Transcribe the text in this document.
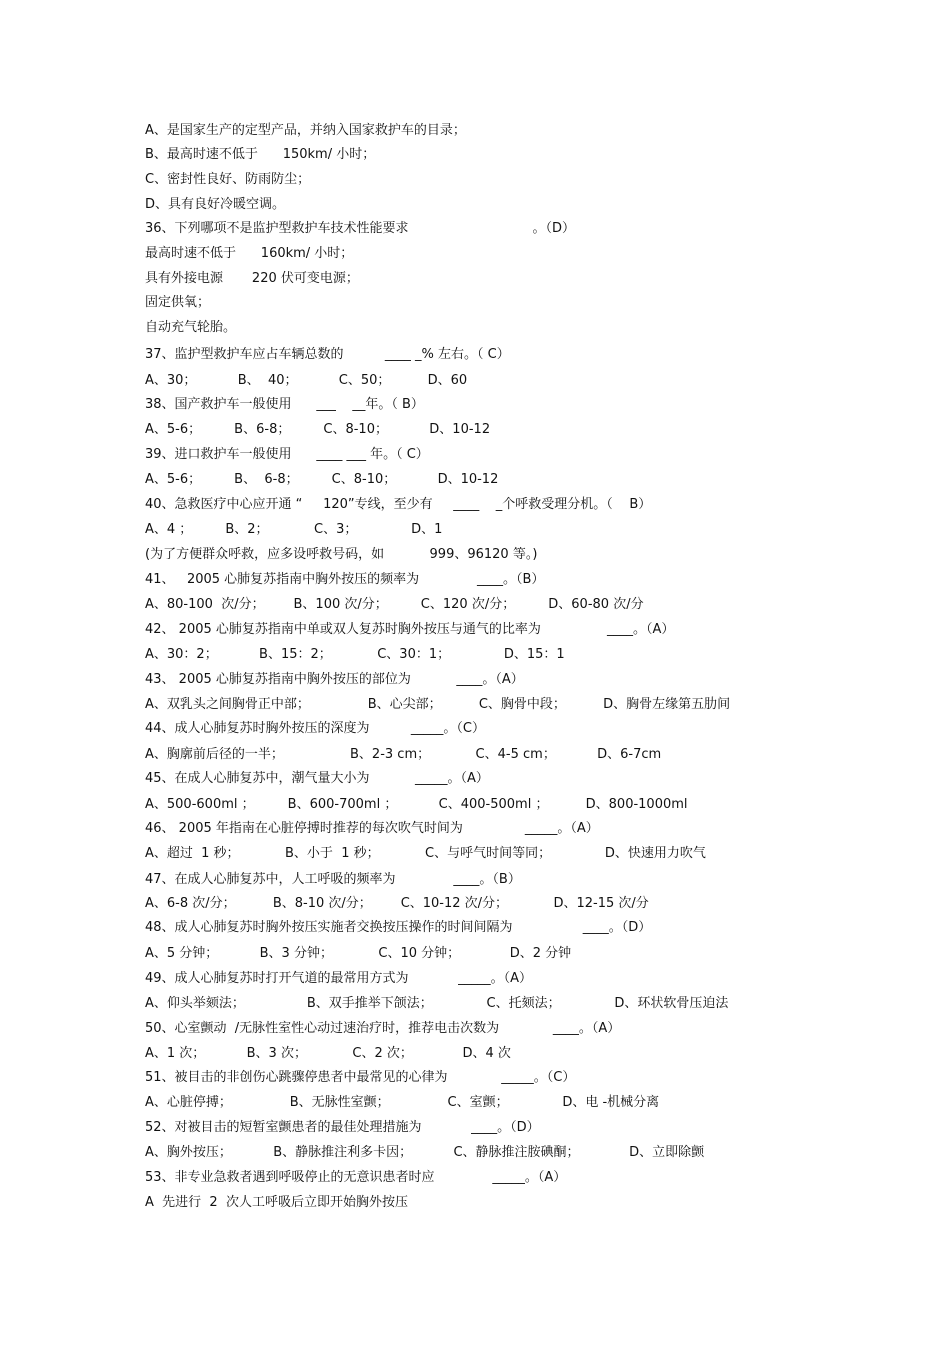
A、是国家生产的定型产品，并纳入国家救护车的目录；
B、最高时速不低于      150km/ 小时；
C、密封性良好、防雨防尘；
D、具有良好冷暖空调。
36、下列哪项不是监护型救护车技术性能要求                              。（D）
最高时速不低于      160km/ 小时；
具有外接电源       220 伏可变电源；
固定供氧；
自动充气轮胎。
37、监护型救护车应占车辆总数的          ____ _% 左右。（ C）
A、30；          B、  40；          C、50；         D、60
38、国产救护车一般使用      ___    __年。（ B）
A、5-6；        B、6-8；        C、8-10；          D、10-12
39、进口救护车一般使用      ____ ___ 年。（ C）
A、5-6；        B、  6-8；        C、8-10；          D、10-12
40、急救医疗中心应开通 “     120”专线，至少有     ____    _个呼救受理分机。（    B）
A、4 ；        B、2；           C、3；             D、1
(为了方便群众呼救，应多设呼救号码，如           999、96120 等。)
41、   2005 心肺复苏指南中胸外按压的频率为              ____。（B）
A、80-100  次/分；       B、100 次/分；        C、120 次/分；        D、60-80 次/分
42、 2005 心肺复苏指南中单或双人复苏时胸外按压与通气的比率为                ____。（A）
A、30：2；          B、15：2；           C、30：1；             D、15：1
43、 2005 心肺复苏指南中胸外按压的部位为           ____。（A）
A、双乳头之间胸骨正中部；              B、心尖部；         C、胸骨中段；         D、胸骨左缘第五肋间
44、成人心肺复苏时胸外按压的深度为          _____。（C）
A、胸廓前后径的一半；                B、2-3 cm；           C、4-5 cm；          D、6-7cm
45、在成人心肺复苏中，潮气量大小为           _____。（A）
A、500-600ml ；        B、600-700ml ；          C、400-500ml ；         D、800-1000ml
46、 2005 年指南在心脏停搏时推荐的每次吹气时间为               _____。（A）
A、超过  1 秒；           B、小于  1 秒；           C、与呼气时间等同；             D、快速用力吹气
47、在成人心肺复苏中，人工呼吸的频率为              ____。（B）
A、6-8 次/分；         B、8-10 次/分；       C、10-12 次/分；           D、12-15 次/分
48、成人心肺复苏时胸外按压实施者交换按压操作的时间间隔为                 ____。（D）
A、5 分钟；          B、3 分钟；           C、10 分钟；            D、2 分钟
49、成人心肺复苏时打开气道的最常用方式为            _____。（A）
A、仰头举颏法；               B、双手推举下颌法；             C、托颏法；             D、环状软骨压迫法
50、心室颤动  /无脉性室性心动过速治疗时，推荐电击次数为             ____。（A）
A、1 次；          B、3 次；           C、2 次；            D、4 次
51、被目击的非创伤心跳骤停患者中最常见的心律为             _____。（C）
A、心脏停搏；              B、无脉性室颤；              C、室颤；             D、电 -机械分离
52、对被目击的短暂室颤患者的最佳处理措施为            ____。（D）
A、胸外按压；          B、静脉推注利多卡因；          C、静脉推注胺碘酮；            D、立即除颤
53、非专业急救者遇到呼吸停止的无意识患者时应              _____。（A）
A  先进行  2  次人工呼吸后立即开始胸外按压
